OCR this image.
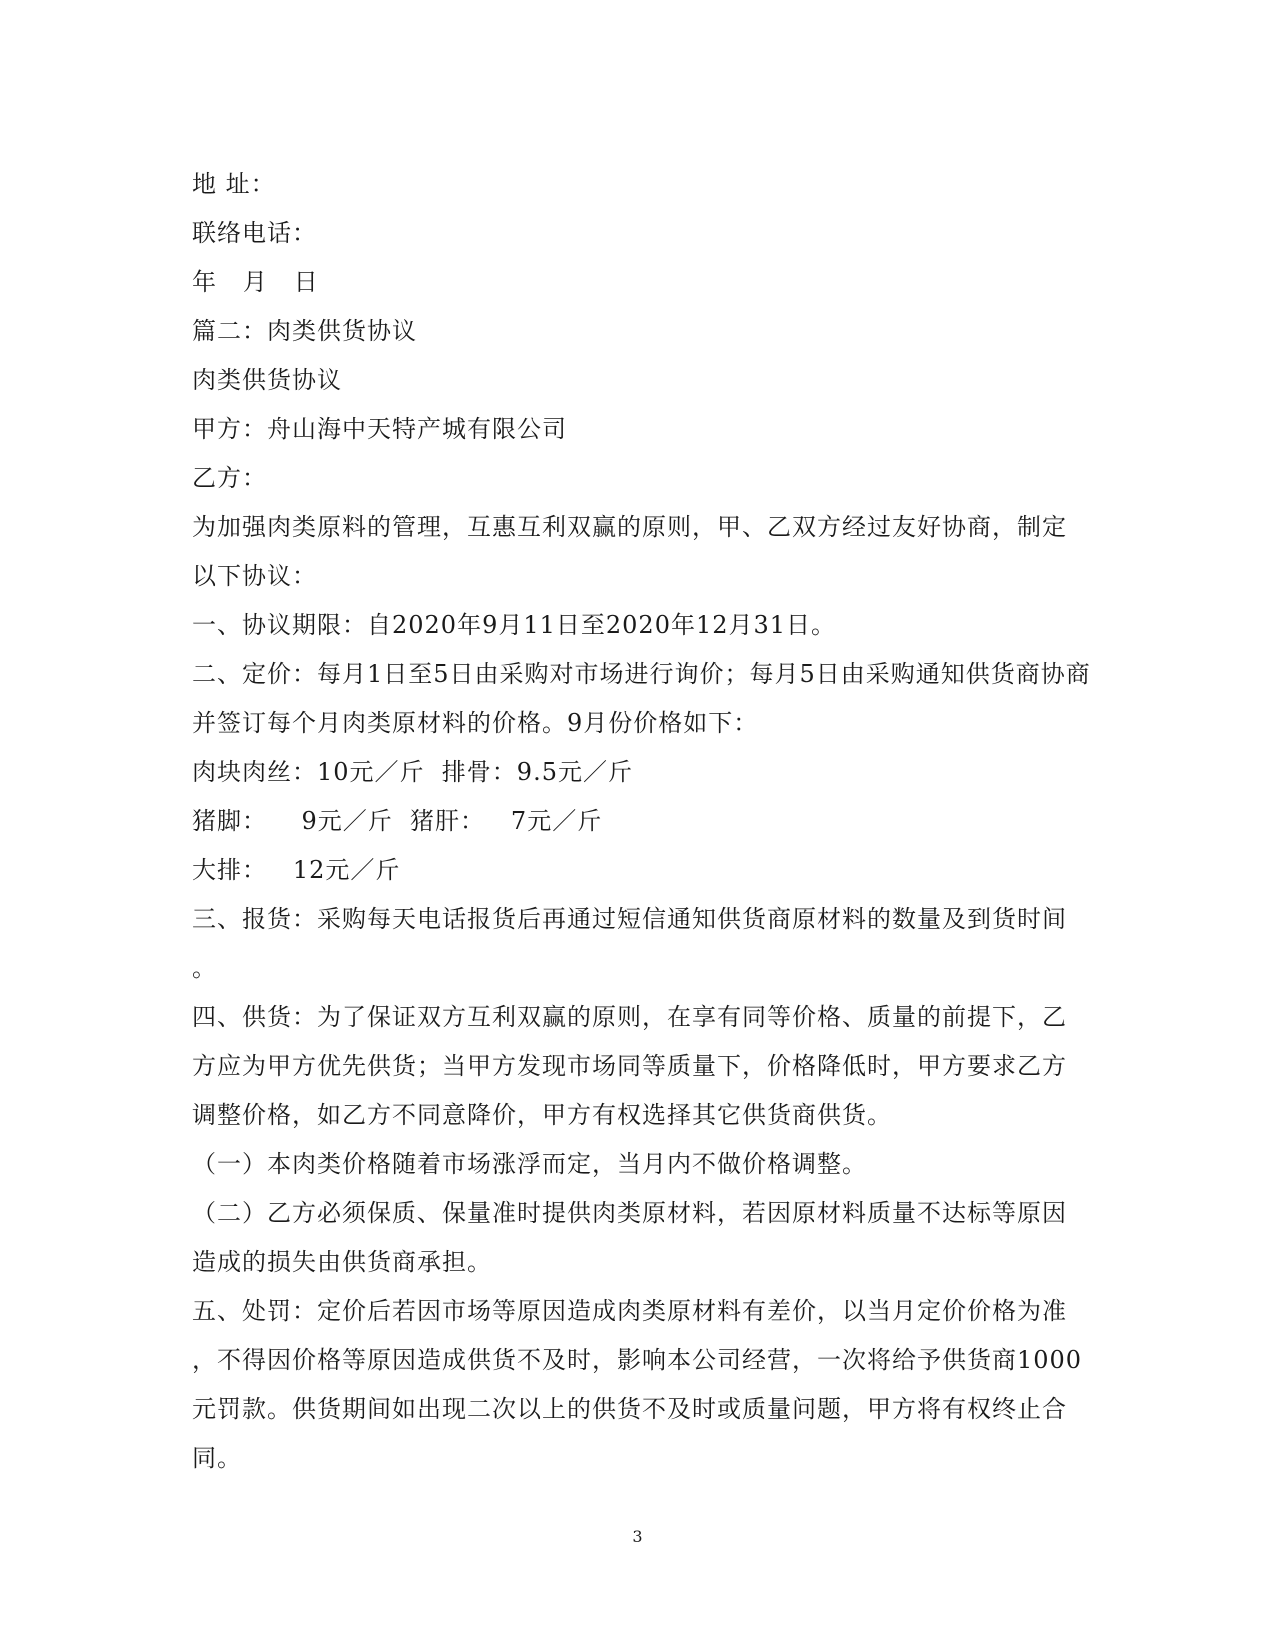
地 址：
联络电话：
年   月   日
篇二：肉类供货协议
肉类供货协议
甲方：舟山海中天特产城有限公司
乙方：
为加强肉类原料的管理，互惠互利双赢的原则，甲、乙双方经过友好协商，制定
以下协议：
一、协议期限：自2020年9月11日至2020年12月31日。
二、定价：每月1日至5日由采购对市场进行询价；每月5日由采购通知供货商协商
并签订每个月肉类原材料的价格。9月份价格如下：
肉块肉丝：10元／斤  排骨：9.5元／斤
猪脚：    9元／斤  猪肝：   7元／斤
大排：   12元／斤
三、报货：采购每天电话报货后再通过短信通知供货商原材料的数量及到货时间
。
四、供货：为了保证双方互利双赢的原则，在享有同等价格、质量的前提下，乙
方应为甲方优先供货；当甲方发现市场同等质量下，价格降低时，甲方要求乙方
调整价格，如乙方不同意降价，甲方有权选择其它供货商供货。
（一）本肉类价格随着市场涨浮而定，当月内不做价格调整。
（二）乙方必须保质、保量准时提供肉类原材料，若因原材料质量不达标等原因
造成的损失由供货商承担。
五、处罚：定价后若因市场等原因造成肉类原材料有差价，以当月定价价格为准
，不得因价格等原因造成供货不及时，影响本公司经营，一次将给予供货商1000
元罚款。供货期间如出现二次以上的供货不及时或质量问题，甲方将有权终止合
同。
3
